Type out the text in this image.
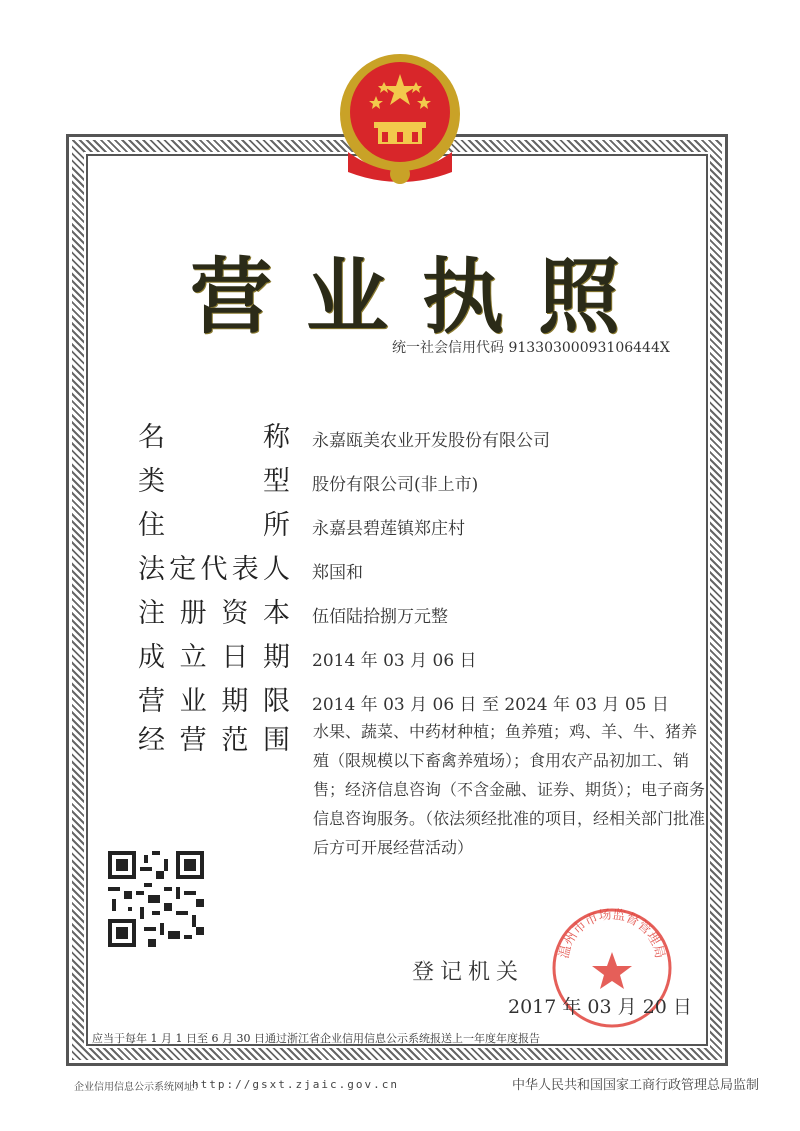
营 业 执 照
统一社会信用代码 91330300093106444X
名	称 永嘉瓯美农业开发股份有限公司
类	型 股份有限公司(非上市)
住	所 永嘉县碧莲镇郑庄村
法 定 代 表 人 郑国和
注 册 资 本 伍佰陆拾捌万元整
成 立 日 期 2014 年 03 月 06 日
营 业 期 限 2014 年 03 月 06 日 至 2024 年 03 月 05 日
经 营 范 围 水果、蔬菜、中药材种植；鱼养殖；鸡、羊、牛、猪养殖（限规模以下畜禽养殖场）；食用农产品初加工、销售；经济信息咨询（不含金融、证券、期货）；电子商务信息咨询服务。（依法须经批准的项目，经相关部门批准后方可开展经营活动）
登记机关
温州市市场监督管理局
2017 年 03 月 20 日
应当于每年 1 月 1 日至 6 月 30 日通过浙江省企业信用信息公示系统报送上一年度年度报告
企业信用信息公示系统网址：
http://gsxt.zjaic.gov.cn	中华人民共和国国家工商行政管理总局监制
